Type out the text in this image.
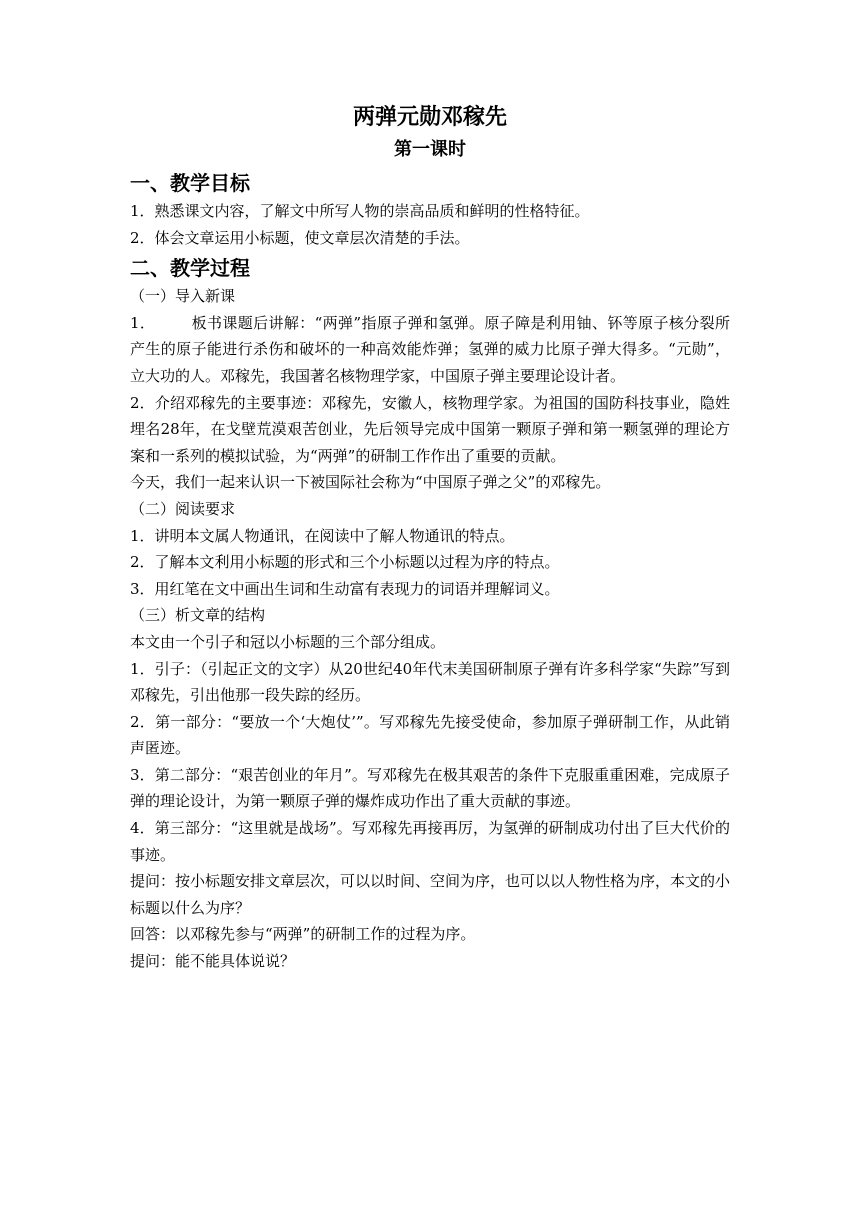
两弹元勋邓稼先
第一课时
一、教学目标

1．熟悉课文内容，了解文中所写人物的崇高品质和鲜明的性格特征。

2．体会文章运用小标题，使文章层次清楚的手法。

二、教学过程

（一）导入新课

1． 板书课题后讲解：“两弹”指原子弹和氢弹。原子障是利用铀、钚等原子核分裂所产生的原子能进行杀伤和破坏的一种高效能炸弹；氢弹的威力比原子弹大得多。“元勋”，立大功的人。邓稼先，我国著名核物理学家，中国原子弹主要理论设计者。

2．介绍邓稼先的主要事迹：邓稼先，安徽人，核物理学家。为祖国的国防科技事业，隐姓埋名28年，在戈壁荒漠艰苦创业，先后领导完成中国第一颗原子弹和第一颗氢弹的理论方案和一系列的模拟试验，为“两弹”的研制工作作出了重要的贡献。

今天，我们一起来认识一下被国际社会称为“中国原子弹之父”的邓稼先。

（二）阅读要求

1．讲明本文属人物通讯，在阅读中了解人物通讯的特点。

2．了解本文利用小标题的形式和三个小标题以过程为序的特点。

3．用红笔在文中画出生词和生动富有表现力的词语并理解词义。

（三）析文章的结构

本文由一个引子和冠以小标题的三个部分组成。

1．引子：（引起正文的文字）从20世纪40年代末美国研制原子弹有许多科学家“失踪”写到邓稼先，引出他那一段失踪的经历。

2．第一部分：“要放一个‘大炮仗’”。写邓稼先先接受使命，参加原子弹研制工作，从此销声匿迹。

3．第二部分：“艰苦创业的年月”。写邓稼先在极其艰苦的条件下克服重重困难，完成原子弹的理论设计，为第一颗原子弹的爆炸成功作出了重大贡献的事迹。

4．第三部分：“这里就是战场”。写邓稼先再接再厉，为氢弹的研制成功付出了巨大代价的事迹。

提问：按小标题安排文章层次，可以以时间、空间为序，也可以以人物性格为序，本文的小标题以什么为序？

回答：以邓稼先参与“两弹”的研制工作的过程为序。

提问：能不能具体说说？
